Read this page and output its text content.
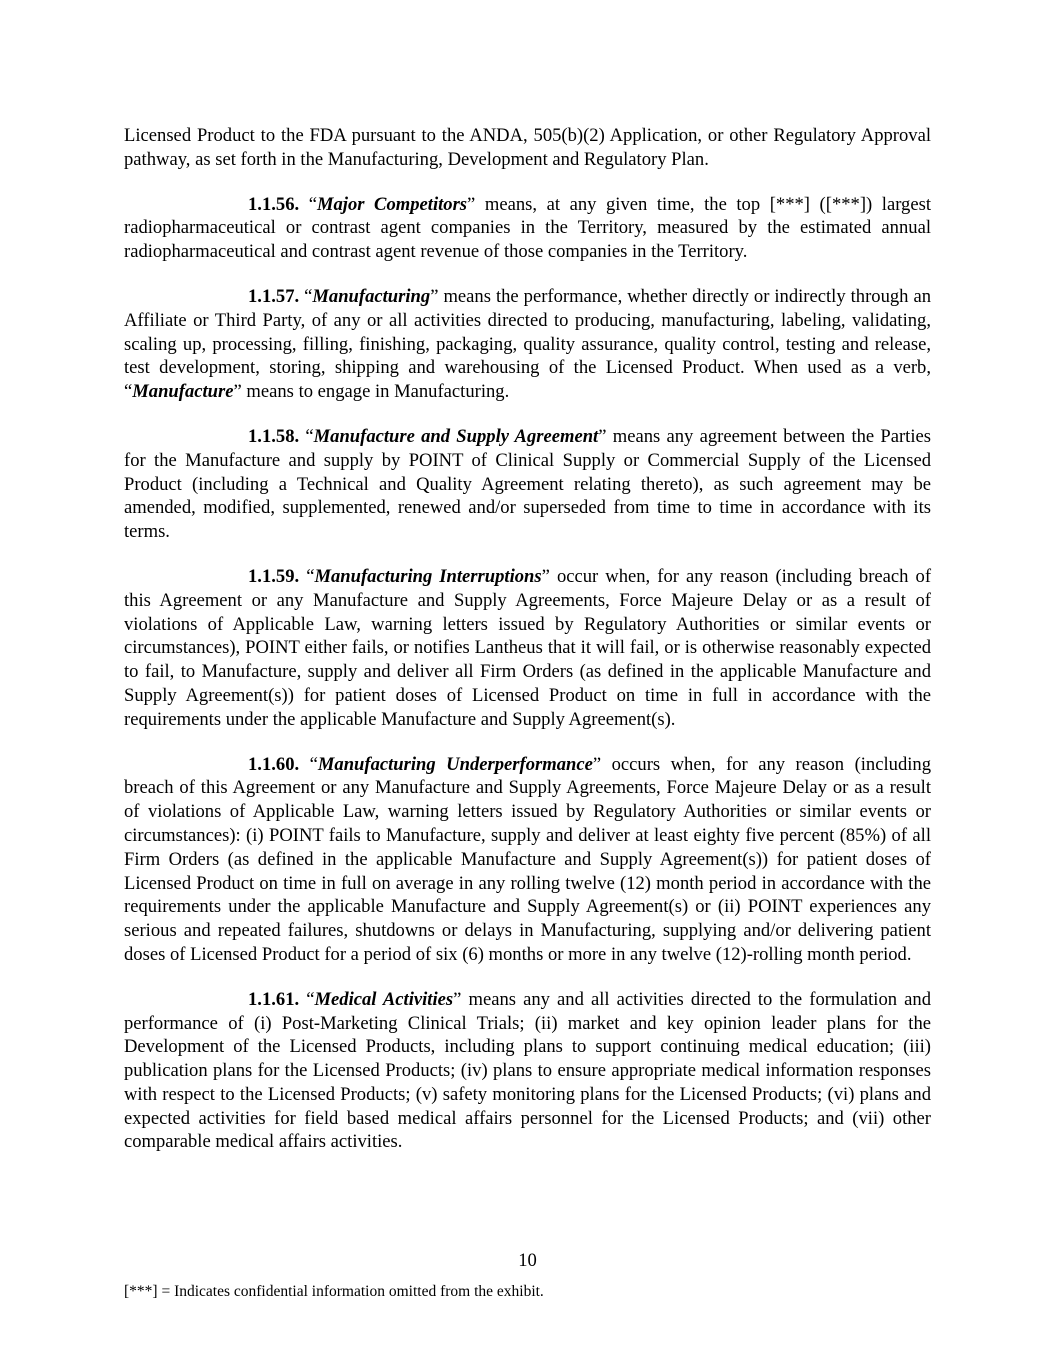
Licensed Product to the FDA pursuant to the ANDA, 505(b)(2) Application, or other Regulatory Approval pathway, as set forth in the Manufacturing, Development and Regulatory Plan.

1.1.56. “Major Competitors” means, at any given time, the top [***] ([***]) largest radiopharmaceutical or contrast agent companies in the Territory, measured by the estimated annual radiopharmaceutical and contrast agent revenue of those companies in the Territory.

1.1.57. “Manufacturing” means the performance, whether directly or indirectly through an Affiliate or Third Party, of any or all activities directed to producing, manufacturing, labeling, validating, scaling up, processing, filling, finishing, packaging, quality assurance, quality control, testing and release, test development, storing, shipping and warehousing of the Licensed Product. When used as a verb, “Manufacture” means to engage in Manufacturing.

1.1.58. “Manufacture and Supply Agreement” means any agreement between the Parties for the Manufacture and supply by POINT of Clinical Supply or Commercial Supply of the Licensed Product (including a Technical and Quality Agreement relating thereto), as such agreement may be amended, modified, supplemented, renewed and/or superseded from time to time in accordance with its terms.

1.1.59. “Manufacturing Interruptions” occur when, for any reason (including breach of this Agreement or any Manufacture and Supply Agreements, Force Majeure Delay or as a result of violations of Applicable Law, warning letters issued by Regulatory Authorities or similar events or circumstances), POINT either fails, or notifies Lantheus that it will fail, or is otherwise reasonably expected to fail, to Manufacture, supply and deliver all Firm Orders (as defined in the applicable Manufacture and Supply Agreement(s)) for patient doses of Licensed Product on time in full in accordance with the requirements under the applicable Manufacture and Supply Agreement(s).

1.1.60. “Manufacturing Underperformance” occurs when, for any reason (including breach of this Agreement or any Manufacture and Supply Agreements, Force Majeure Delay or as a result of violations of Applicable Law, warning letters issued by Regulatory Authorities or similar events or circumstances): (i) POINT fails to Manufacture, supply and deliver at least eighty five percent (85%) of all Firm Orders (as defined in the applicable Manufacture and Supply Agreement(s)) for patient doses of Licensed Product on time in full on average in any rolling twelve (12) month period in accordance with the requirements under the applicable Manufacture and Supply Agreement(s) or (ii) POINT experiences any serious and repeated failures, shutdowns or delays in Manufacturing, supplying and/or delivering patient doses of Licensed Product for a period of six (6) months or more in any twelve (12)-rolling month period.

1.1.61. “Medical Activities” means any and all activities directed to the formulation and performance of (i) Post-Marketing Clinical Trials; (ii) market and key opinion leader plans for the Development of the Licensed Products, including plans to support continuing medical education; (iii) publication plans for the Licensed Products; (iv) plans to ensure appropriate medical information responses with respect to the Licensed Products; (v) safety monitoring plans for the Licensed Products; (vi) plans and expected activities for field based medical affairs personnel for the Licensed Products; and (vii) other comparable medical affairs activities.

10
[***] = Indicates confidential information omitted from the exhibit.
